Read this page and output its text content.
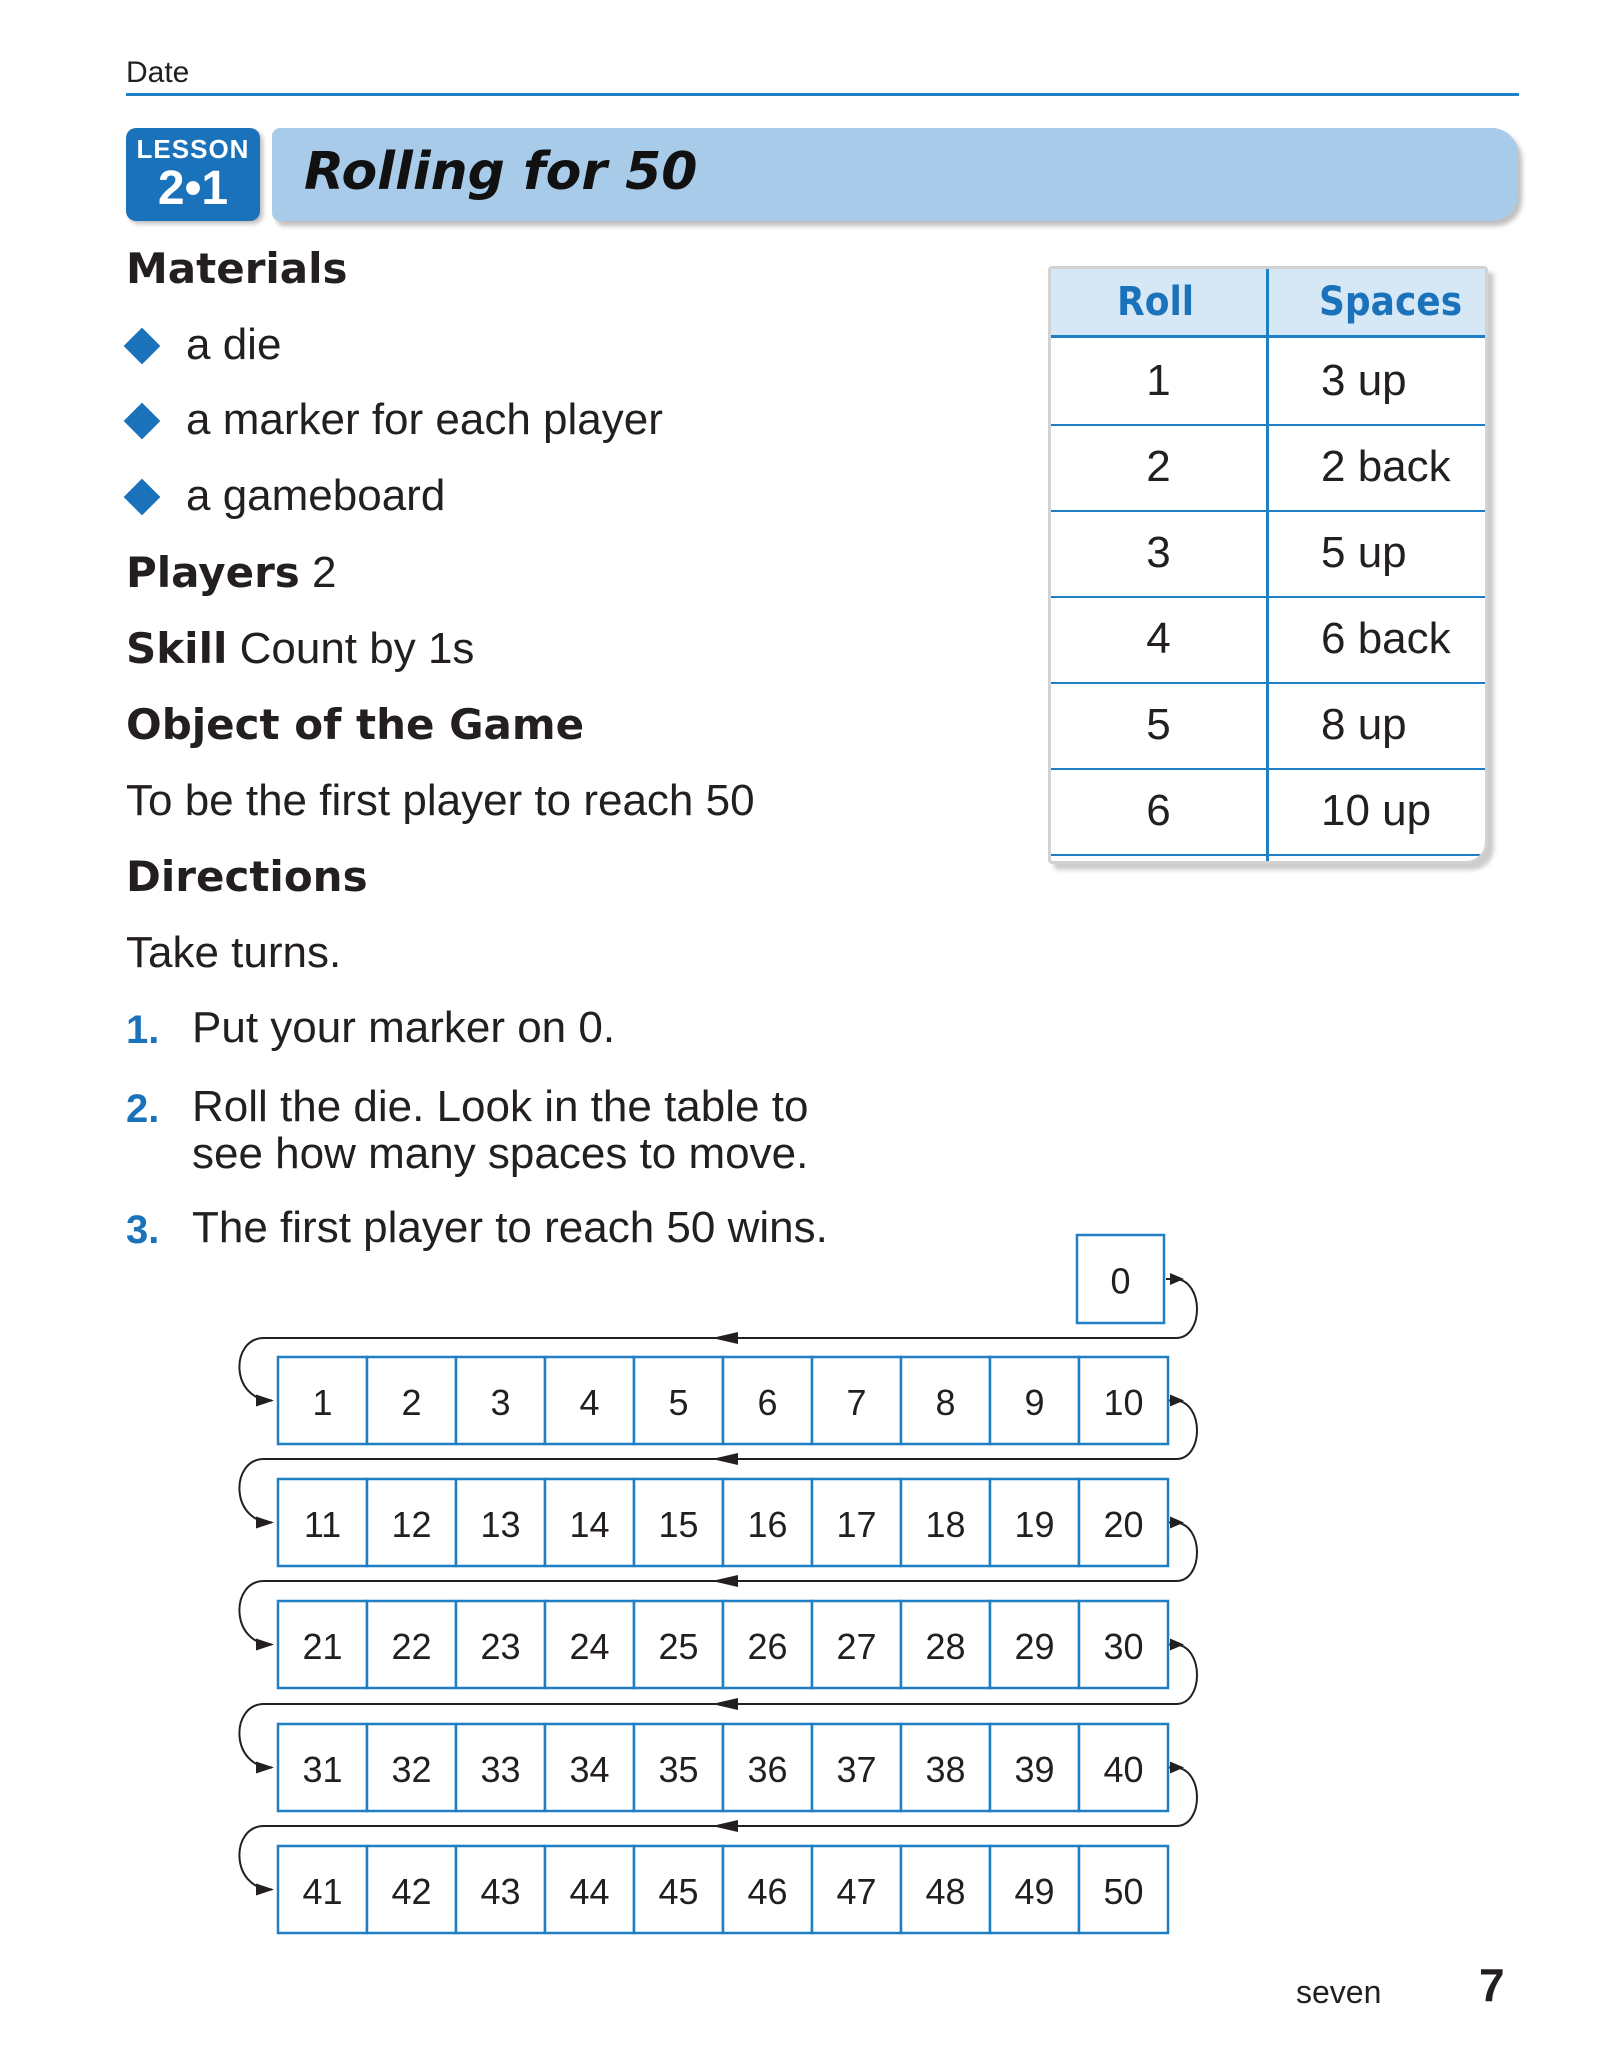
Date
LESSON
2•1	Rolling for 50
Materials
a die
a marker for each player
a gameboard
Players 2
Skill Count by 1s
Object of the Game
To be the first player to reach 50
Directions
Take turns.
1. Put your marker on 0.
2. Roll the die. Look in the table to
see how many spaces to move.
3. The first player to reach 50 wins.
Roll	Spaces
1	3 up
2	2 back
3	5 up
4	6 back
5	8 up
6	10 up
0
1 2 3 4 5 6 7 8 9 10
11 12 13 14 15 16 17 18 19 20
21 22 23 24 25 26 27 28 29 30
31 32 33 34 35 36 37 38 39 40
41 42 43 44 45 46 47 48 49 50
seven 7
